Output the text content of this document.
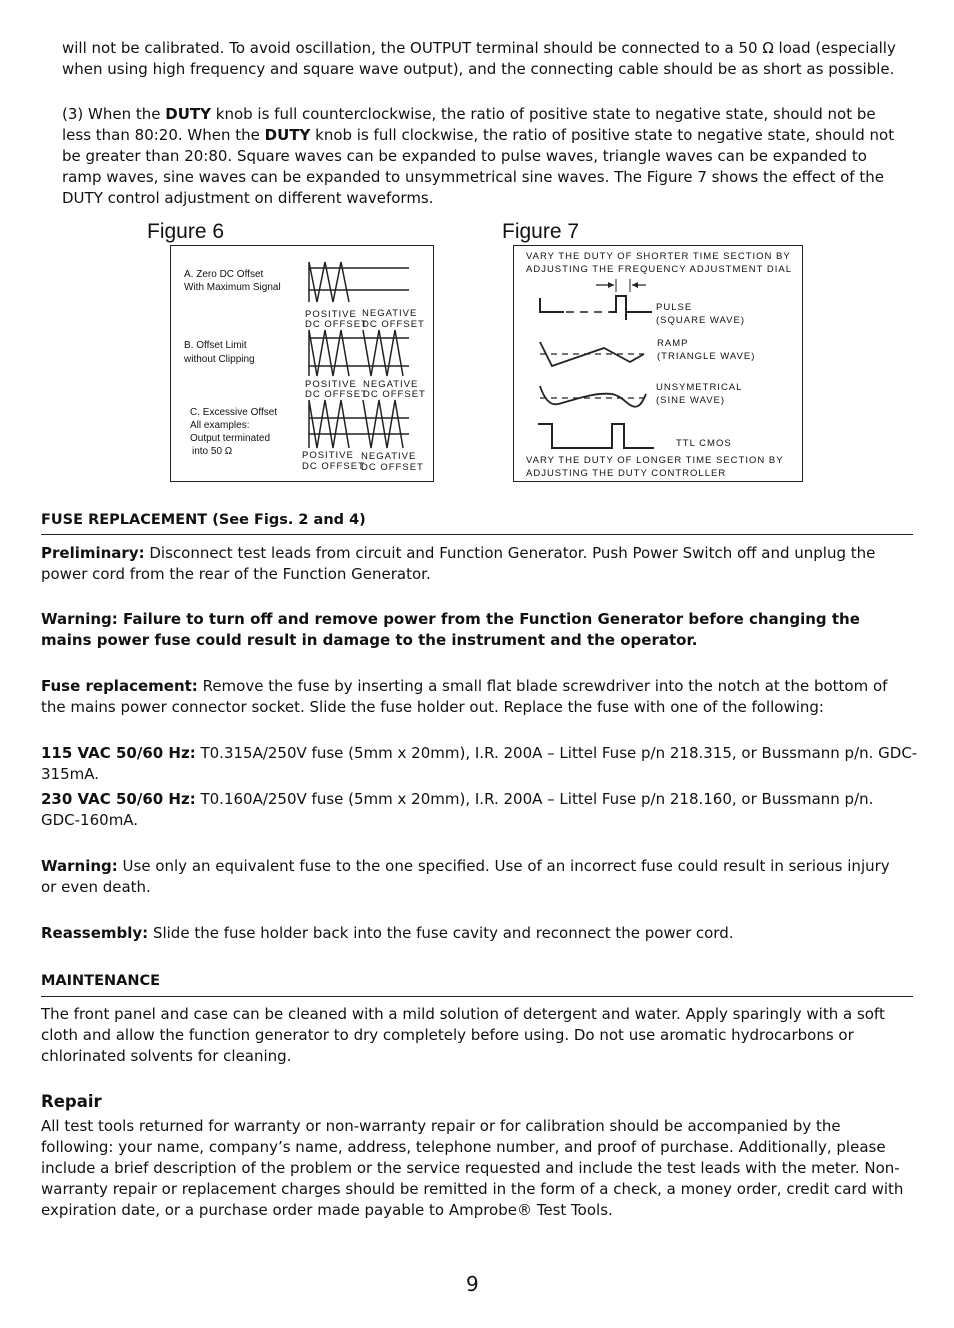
will not be calibrated. To avoid oscillation, the OUTPUT terminal should be connected to a 50 Ω load (especially when using high frequency and square wave output), and the connecting cable should be as short as possible.

(3) When the DUTY knob is full counterclockwise, the ratio of positive state to negative state, should not be less than 80:20. When the DUTY knob is full clockwise, the ratio of positive state to negative state, should not be greater than 20:80. Square waves can be expanded to pulse waves, triangle waves can be expanded to ramp waves, sine waves can be expanded to unsymmetrical sine waves. The Figure 7 shows the effect of the DUTY control adjustment on different waveforms.

Figure 6
A. Zero DC Offset
With Maximum Signal
POSITIVE
DC OFFSET
NEGATIVE
DC OFFSET
B. Offset Limit
without Clipping
POSITIVE
DC OFFSET
NEGATIVE
DC OFFSET
C. Excessive Offset
All examples:
Output terminated
into 50 Ω	POSITIVE
DC OFFSET
NEGATIVE
DC OFFSET
Figure 7
VARY THE DUTY OF SHORTER TIME SECTION BY
ADJUSTING THE FREQUENCY ADJUSTMENT DIAL
PULSE
(SQUARE WAVE)
RAMP
(TRIANGLE WAVE)
UNSYMETRICAL
(SINE WAVE)
TTL CMOS
VARY THE DUTY OF LONGER TIME SECTION BY
ADJUSTING THE DUTY CONTROLLER
FUSE REPLACEMENT (See Figs. 2 and 4)

Preliminary: Disconnect test leads from circuit and Function Generator. Push Power Switch off and unplug the power cord from the rear of the Function Generator.

Warning: Failure to turn off and remove power from the Function Generator before changing the mains power fuse could result in damage to the instrument and the operator.

Fuse replacement: Remove the fuse by inserting a small flat blade screwdriver into the notch at the bottom of the mains power connector socket. Slide the fuse holder out. Replace the fuse with one of the following:

115 VAC 50/60 Hz: T0.315A/250V fuse (5mm x 20mm), I.R. 200A – Littel Fuse p/n 218.315, or Bussmann p/n. GDC-315mA.

230 VAC 50/60 Hz: T0.160A/250V fuse (5mm x 20mm), I.R. 200A – Littel Fuse p/n 218.160, or Bussmann p/n. GDC-160mA.

Warning: Use only an equivalent fuse to the one specified. Use of an incorrect fuse could result in serious injury or even death.

Reassembly: Slide the fuse holder back into the fuse cavity and reconnect the power cord.

MAINTENANCE

The front panel and case can be cleaned with a mild solution of detergent and water. Apply sparingly with a soft cloth and allow the function generator to dry completely before using. Do not use aromatic hydrocarbons or chlorinated solvents for cleaning.

Repair

All test tools returned for warranty or non-warranty repair or for calibration should be accompanied by the following: your name, company’s name, address, telephone number, and proof of purchase. Additionally, please include a brief description of the problem or the service requested and include the test leads with the meter. Non-warranty repair or replacement charges should be remitted in the form of a check, a money order, credit card with expiration date, or a purchase order made payable to Amprobe® Test Tools.

9
